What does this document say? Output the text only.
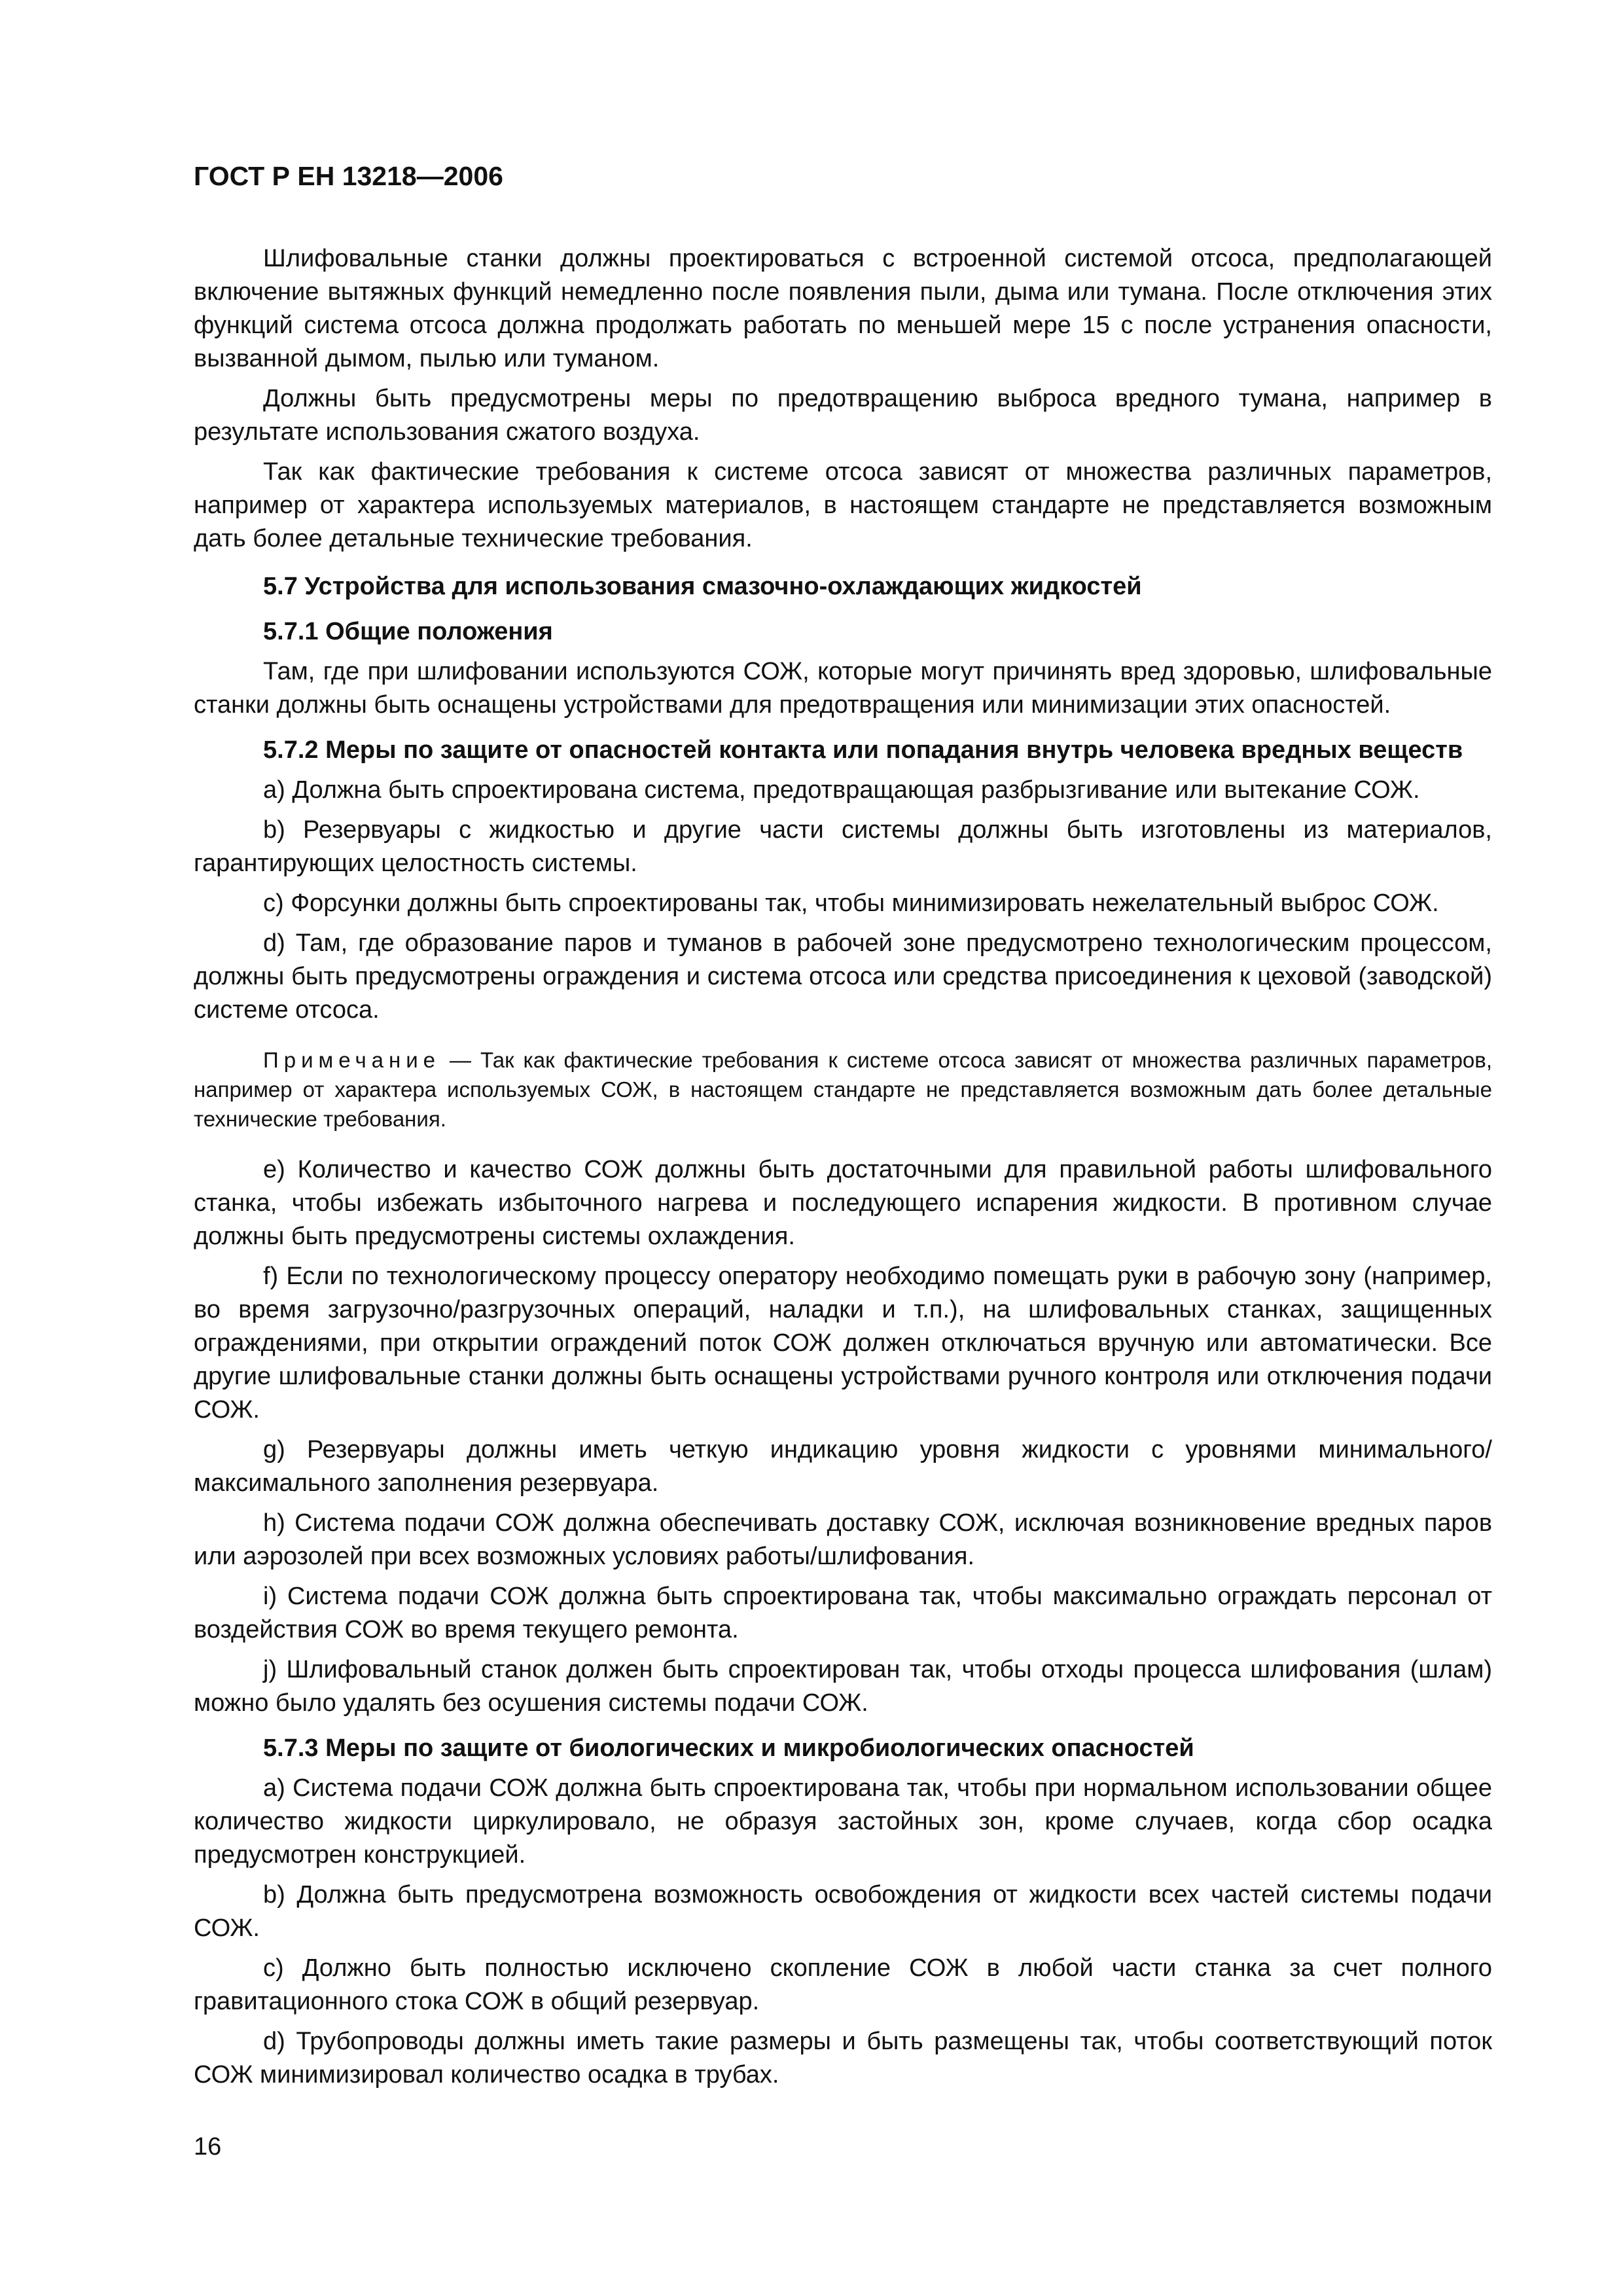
ГОСТ Р ЕН 13218—2006

Шлифовальные станки должны проектироваться с встроенной системой отсоса, предполагающей включение вытяжных функций немедленно после появления пыли, дыма или тумана. После отключения этих функций система отсоса должна продолжать работать по меньшей мере 15 с после устранения опасности, вызванной дымом, пылью или туманом.

Должны быть предусмотрены меры по предотвращению выброса вредного тумана, например в результате использования сжатого воздуха.

Так как фактические требования к системе отсоса зависят от множества различных параметров, например от характера используемых материалов, в настоящем стандарте не представляется возможным дать более детальные технические требования.

5.7 Устройства для использования смазочно-охлаждающих жидкостей
5.7.1 Общие положения

Там, где при шлифовании используются СОЖ, которые могут причинять вред здоровью, шлифовальные станки должны быть оснащены устройствами для предотвращения или минимизации этих опасностей.

5.7.2 Меры по защите от опасностей контакта или попадания внутрь человека вредных веществ

a) Должна быть спроектирована система, предотвращающая разбрызгивание или вытекание СОЖ.

b) Резервуары с жидкостью и другие части системы должны быть изготовлены из материалов, гарантирующих целостность системы.

c) Форсунки должны быть спроектированы так, чтобы минимизировать нежелательный выброс СОЖ.

d) Там, где образование паров и туманов в рабочей зоне предусмотрено технологическим процессом, должны быть предусмотрены ограждения и система отсоса или средства присоединения к цеховой (заводской) системе отсоса.

Примечание — Так как фактические требования к системе отсоса зависят от множества различных параметров, например от характера используемых СОЖ, в настоящем стандарте не представляется возможным дать более детальные технические требования.

e) Количество и качество СОЖ должны быть достаточными для правильной работы шлифовального станка, чтобы избежать избыточного нагрева и последующего испарения жидкости. В противном случае должны быть предусмотрены системы охлаждения.

f) Если по технологическому процессу оператору необходимо помещать руки в рабочую зону (например, во время загрузочно/разгрузочных операций, наладки и т.п.), на шлифовальных станках, защищенных ограждениями, при открытии ограждений поток СОЖ должен отключаться вручную или автоматически. Все другие шлифовальные станки должны быть оснащены устройствами ручного контроля или отключения подачи СОЖ.

g) Резервуары должны иметь четкую индикацию уровня жидкости с уровнями минимального/максимального заполнения резервуара.

h) Система подачи СОЖ должна обеспечивать доставку СОЖ, исключая возникновение вредных паров или аэрозолей при всех возможных условиях работы/шлифования.

i) Система подачи СОЖ должна быть спроектирована так, чтобы максимально ограждать персонал от воздействия СОЖ во время текущего ремонта.

j) Шлифовальный станок должен быть спроектирован так, чтобы отходы процесса шлифования (шлам) можно было удалять без осушения системы подачи СОЖ.

5.7.3 Меры по защите от биологических и микробиологических опасностей

a) Система подачи СОЖ должна быть спроектирована так, чтобы при нормальном использовании общее количество жидкости циркулировало, не образуя застойных зон, кроме случаев, когда сбор осадка предусмотрен конструкцией.

b) Должна быть предусмотрена возможность освобождения от жидкости всех частей системы подачи СОЖ.

c) Должно быть полностью исключено скопление СОЖ в любой части станка за счет полного гравитационного стока СОЖ в общий резервуар.

d) Трубопроводы должны иметь такие размеры и быть размещены так, чтобы соответствующий поток СОЖ минимизировал количество осадка в трубах.

16
